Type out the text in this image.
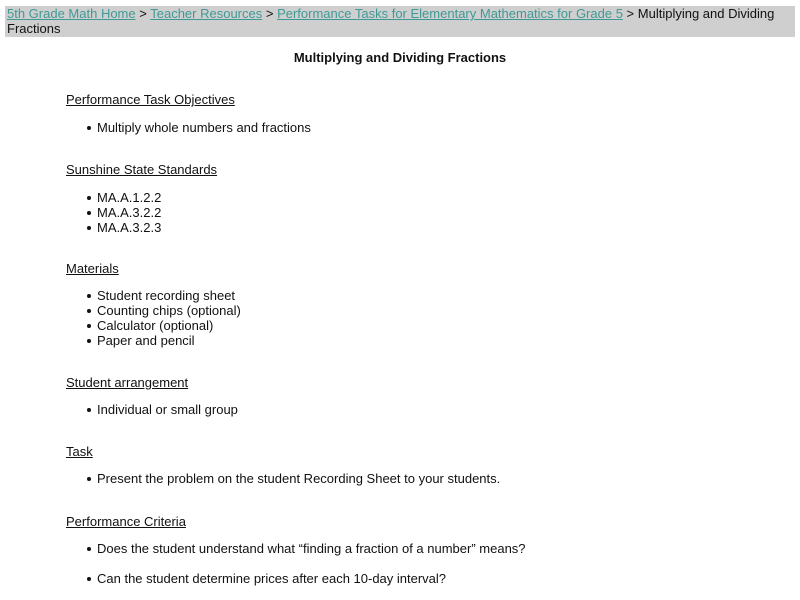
5th Grade Math Home > Teacher Resources > Performance Tasks for Elementary Mathematics for Grade 5 > Multiplying and Dividing Fractions
Multiplying and Dividing Fractions
Performance Task Objectives
Multiply whole numbers and fractions
Sunshine State Standards
MA.A.1.2.2
MA.A.3.2.2
MA.A.3.2.3
Materials
Student recording sheet
Counting chips (optional)
Calculator (optional)
Paper and pencil
Student arrangement
Individual or small group
Task
Present the problem on the student Recording Sheet to your students.
Performance Criteria
Does the student understand what “finding a fraction of a number” means?
Can the student determine prices after each 10-day interval?
